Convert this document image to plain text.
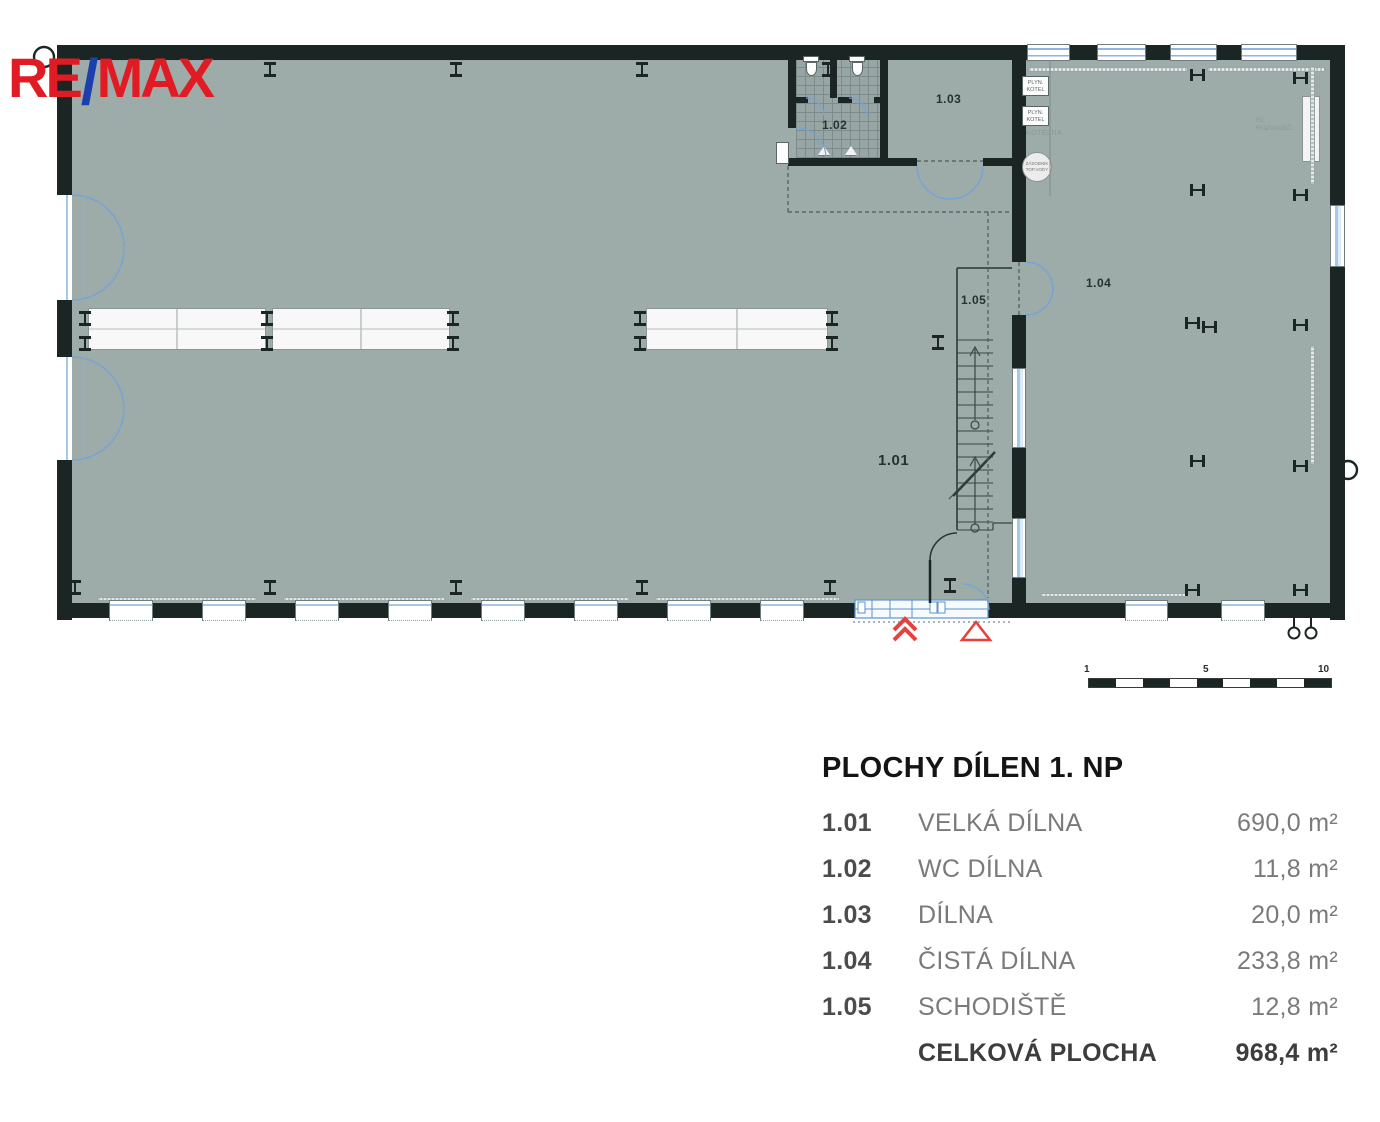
PLYN.
KOTEL
PLYN.
KOTEL
KOTELNA
ZÁSOBNÍK
TOP.VODY
EL.
ROZVADEČ
1.01
1.02
1.03
1.04
1.05
RE/MAX
1	5	10
PLOCHY DÍLEN 1. NP
1.01	VELKÁ DÍLNA	690,0 m²
1.02	WC DÍLNA	11,8 m²
1.03	DÍLNA	20,0 m²
1.04	ČISTÁ DÍLNA	233,8 m²
1.05	SCHODIŠTĚ	12,8 m²
CELKOVÁ PLOCHA	968,4 m²
